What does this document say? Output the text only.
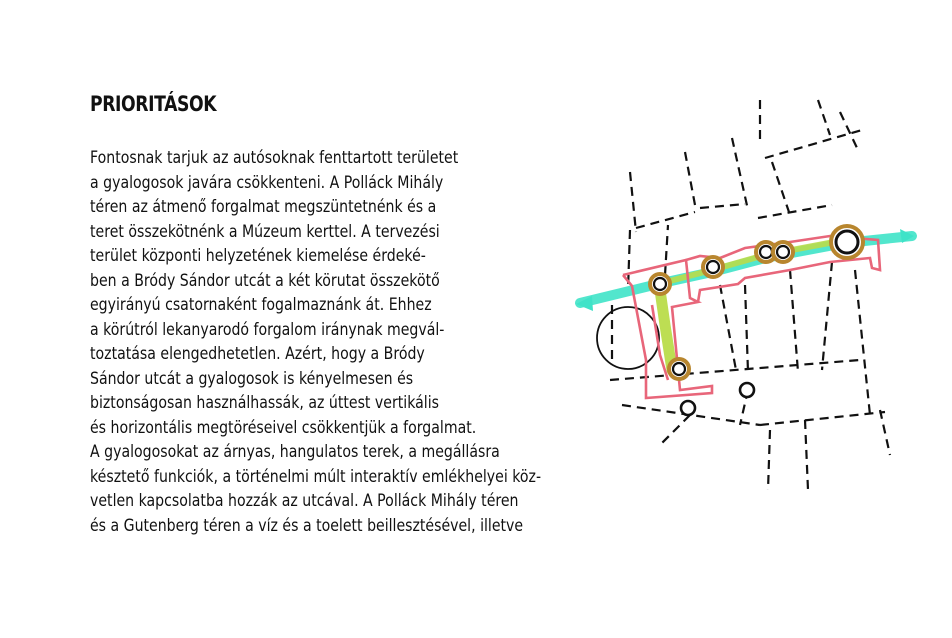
PRIORITÁSOK
Fontosnak tarjuk az autósoknak fenttartott területet
a gyalogosok javára csökkenteni. A Polláck Mihály
téren az átmenő forgalmat megszüntetnénk és a
teret összekötnénk a Múzeum kerttel. A tervezési
terület központi helyzetének kiemelése érdeké-
ben a Bródy Sándor utcát a két körutat összekötő
egyirányú csatornaként fogalmaznánk át. Ehhez
a körútról lekanyarodó forgalom iránynak megvál-
toztatása elengedhetetlen. Azért, hogy a Bródy
Sándor utcát a gyalogosok is kényelmesen és
biztonságosan használhassák, az úttest vertikális
és horizontális megtöréseivel csökkentjük a forgalmat.
A gyalogosokat az árnyas, hangulatos terek, a megállásra
késztető funkciók, a történelmi múlt interaktív emlékhelyei köz-
vetlen kapcsolatba hozzák az utcával. A Polláck Mihály téren
és a Gutenberg téren a víz és a toelett beillesztésével, illetve
